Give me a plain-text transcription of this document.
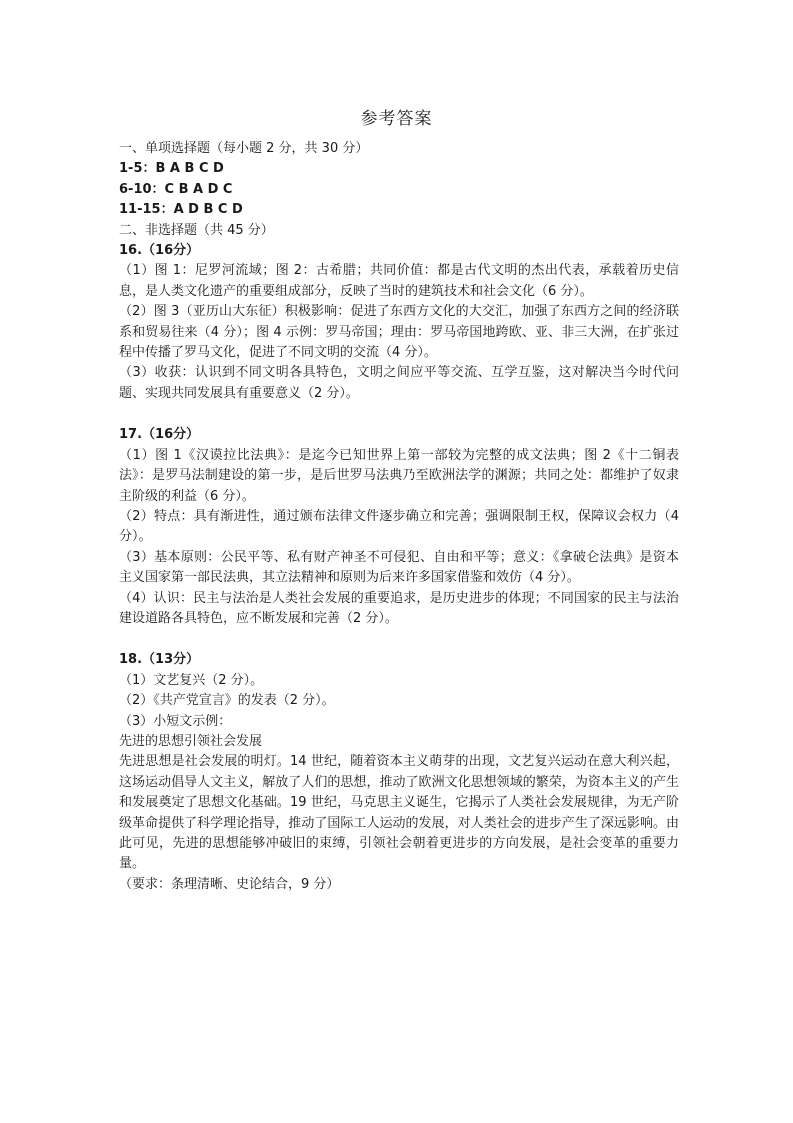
参考答案
一、单项选择题（每小题 2 分，共 30 分）
1-5：B A B C D
6-10：C B A D C
11-15：A D B C D
二、非选择题（共 45 分）
16.（16分）
（1）图 1：尼罗河流域；图 2：古希腊；共同价值：都是古代文明的杰出代表，承载着历史信息，是人类文化遗产的重要组成部分，反映了当时的建筑技术和社会文化（6 分）。
（2）图 3（亚历山大东征）积极影响：促进了东西方文化的大交汇，加强了东西方之间的经济联系和贸易往来（4 分）；图 4 示例：罗马帝国；理由：罗马帝国地跨欧、亚、非三大洲，在扩张过程中传播了罗马文化，促进了不同文明的交流（4 分）。
（3）收获：认识到不同文明各具特色，文明之间应平等交流、互学互鉴，这对解决当今时代问题、实现共同发展具有重要意义（2 分）。
17.（16分）
（1）图 1《汉谟拉比法典》：是迄今已知世界上第一部较为完整的成文法典；图 2《十二铜表法》：是罗马法制建设的第一步，是后世罗马法典乃至欧洲法学的渊源；共同之处：都维护了奴隶主阶级的利益（6 分）。
（2）特点：具有渐进性，通过颁布法律文件逐步确立和完善；强调限制王权，保障议会权力（4 分）。
（3）基本原则：公民平等、私有财产神圣不可侵犯、自由和平等；意义：《拿破仑法典》是资本主义国家第一部民法典，其立法精神和原则为后来许多国家借鉴和效仿（4 分）。
（4）认识：民主与法治是人类社会发展的重要追求，是历史进步的体现；不同国家的民主与法治建设道路各具特色，应不断发展和完善（2 分）。
18.（13分）
（1）文艺复兴（2 分）。
（2）《共产党宣言》的发表（2 分）。
（3）小短文示例：
先进的思想引领社会发展
先进思想是社会发展的明灯。14 世纪，随着资本主义萌芽的出现，文艺复兴运动在意大利兴起，这场运动倡导人文主义，解放了人们的思想，推动了欧洲文化思想领域的繁荣，为资本主义的产生和发展奠定了思想文化基础。19 世纪，马克思主义诞生，它揭示了人类社会发展规律，为无产阶级革命提供了科学理论指导，推动了国际工人运动的发展，对人类社会的进步产生了深远影响。由此可见，先进的思想能够冲破旧的束缚，引领社会朝着更进步的方向发展，是社会变革的重要力量。
（要求：条理清晰、史论结合，9 分）
